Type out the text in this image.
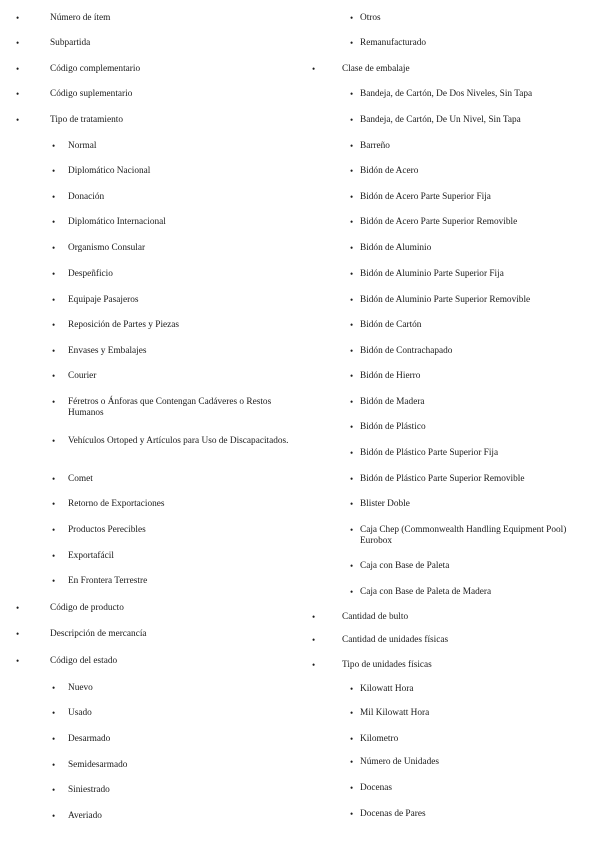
•	Número de ítem
•	Subpartida
•	Código complementario
•	Código suplementario
•	Tipo de tratamiento
• Normal
• Diplomático Nacional
• Donación
• Diplomático Internacional
• Organismo Consular
• Despeñficio
• Equipaje Pasajeros
• Reposición de Partes y Piezas
• Envases y Embalajes
• Courier
• Féretros o Ánforas que Contengan Cadáveres o Restos Humanos
• Vehículos Ortoped y Artículos para Uso de Discapacitados.
• Comet
• Retorno de Exportaciones
• Productos Perecibles
• Exportafácil
• En Frontera Terrestre
•	Código de producto
•	Descripción de mercancía
•	Código del estado
• Nuevo
• Usado
• Desarmado
• Semidesarmado
• Siniestrado
• Averiado
• Otros
• Remanufacturado
•	Clase de embalaje
• Bandeja, de Cartón, De Dos Niveles, Sin Tapa
• Bandeja, de Cartón, De Un Nivel, Sin Tapa
• Barreño
• Bidón de Acero
• Bidón de Acero Parte Superior Fija
• Bidón de Acero Parte Superior Removible
• Bidón de Aluminio
• Bidón de Aluminio Parte Superior Fija
• Bidón de Aluminio Parte Superior Removible
• Bidón de Cartón
• Bidón de Contrachapado
• Bidón de Hierro
• Bidón de Madera
• Bidón de Plástico
• Bidón de Plástico Parte Superior Fija
• Bidón de Plástico Parte Superior Removible
• Blister Doble
• Caja Chep (Commonwealth Handling Equipment Pool) Eurobox
• Caja con Base de Paleta
• Caja con Base de Paleta de Madera
•	Cantidad de bulto
•	Cantidad de unidades físicas
•	Tipo de unidades físicas
• Kilowatt Hora
• Mil Kilowatt Hora
• Kilometro
• Número de Unidades
• Docenas
• Docenas de Pares
